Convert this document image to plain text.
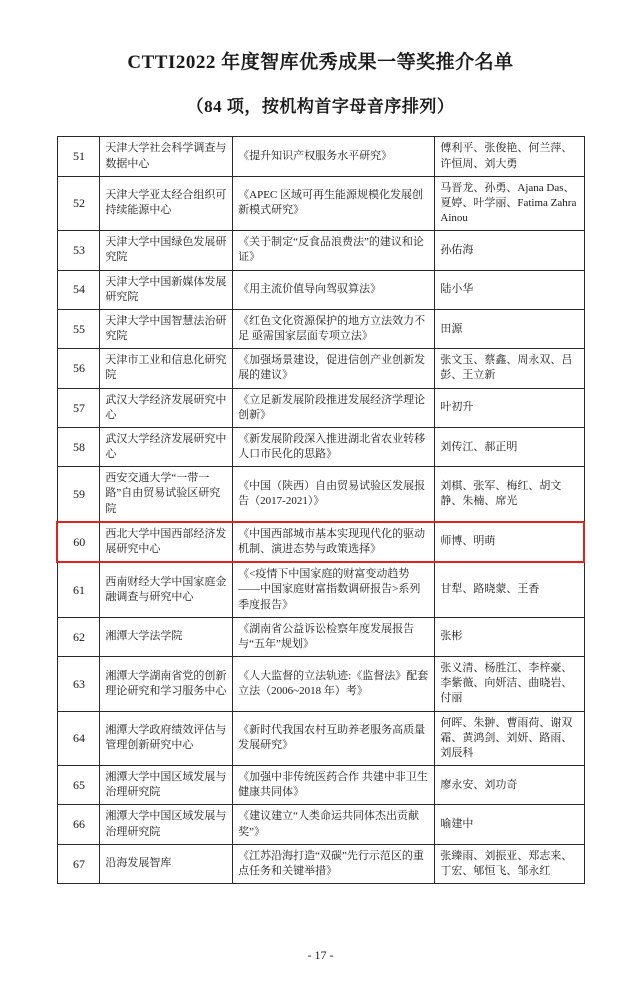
CTTI2022 年度智库优秀成果一等奖推介名单
（84 项，按机构首字母音序排列）
51	天津大学社会科学调查与数据中心	《提升知识产权服务水平研究》	傅利平、张俊艳、何兰萍、许恒周、刘大勇
52	天津大学亚太经合组织可持续能源中心	《APEC 区域可再生能源规模化发展创新模式研究》	马晋龙、孙勇、Ajana Das、夏婷、叶学丽、Fatima Zahra Ainou
53	天津大学中国绿色发展研究院	《关于制定“反食品浪费法”的建议和论证》	孙佑海
54	天津大学中国新媒体发展研究院	《用主流价值导向驾驭算法》	陆小华
55	天津大学中国智慧法治研究院	《红色文化资源保护的地方立法效力不足 亟需国家层面专项立法》	田源
56	天津市工业和信息化研究院	《加强场景建设，促进信创产业创新发展的建议》	张文玉、蔡鑫、周永双、吕彭、王立新
57	武汉大学经济发展研究中心	《立足新发展阶段推进发展经济学理论创新》	叶初升
58	武汉大学经济发展研究中心	《新发展阶段深入推进湖北省农业转移人口市民化的思路》	刘传江、郝正明
59	西安交通大学“一带一路”自由贸易试验区研究院	《中国（陕西）自由贸易试验区发展报告（2017-2021）》	刘棋、张军、梅红、胡文静、朱楠、席光
60	西北大学中国西部经济发展研究中心	《中国西部城市基本实现现代化的驱动机制、演进态势与政策选择》	师博、明萌
61	西南财经大学中国家庭金融调查与研究中心	《<疫情下中国家庭的财富变动趋势——中国家庭财富指数调研报告>系列季度报告》	甘犁、路晓蒙、王香
62	湘潭大学法学院	《湖南省公益诉讼检察年度发展报告与“五年”规划》	张彬
63	湘潭大学湖南省党的创新理论研究和学习服务中心	《人大监督的立法轨迹:《监督法》配套立法（2006~2018 年）考》	张义清、杨胜江、李梓豪、李紫薇、向妍洁、曲晓岩、付丽
64	湘潭大学政府绩效评估与管理创新研究中心	《新时代我国农村互助养老服务高质量发展研究》	何晖、朱翀、曹雨荷、谢双霜、黄鸿剑、刘妍、路雨、刘辰科
65	湘潭大学中国区域发展与治理研究院	《加强中非传统医药合作 共建中非卫生健康共同体》	廖永安、刘功奇
66	湘潭大学中国区域发展与治理研究院	《建议建立“人类命运共同体杰出贡献奖”》	喻建中
67	沿海发展智库	《江苏沿海打造“双碳”先行示范区的重点任务和关键举措》	张臻雨、刘振亚、郑志来、丁宏、郇恒飞、邹永红
- 17 -
